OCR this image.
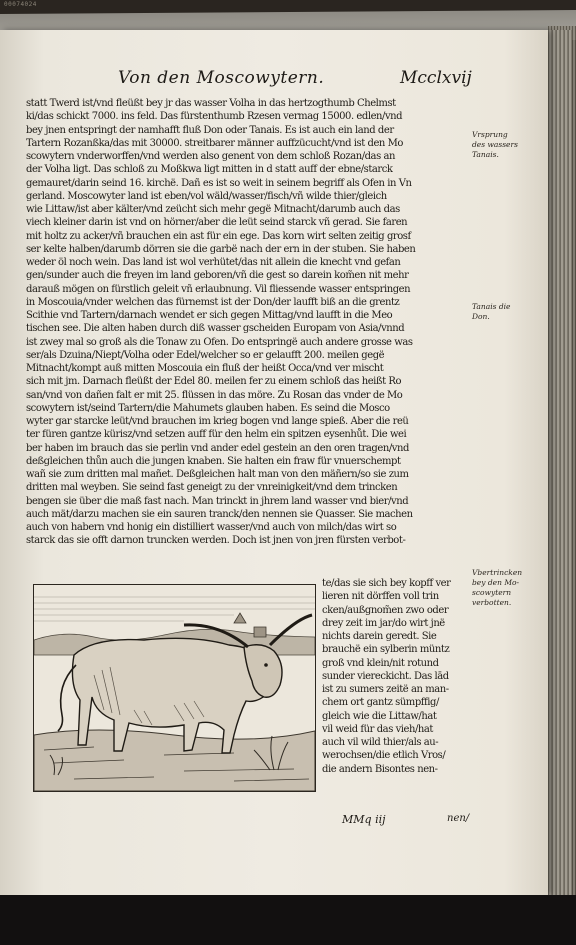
00074024
Von den Moscowytern.	Mcclxvij
statt Twerd ist/vnd fleüßt bey jr das wasser Volha in das hertzogthumb Chelmst
ki/das schickt 7000. ins feld. Das fürstenthumb Rzesen vermag 15000. edlen/vnd
bey jnen entspringt der namhafft fluß Don oder Tanais. Es ist auch ein land der
Tartern Rozanßka/das mit 30000. streitbarer männer auffzücucht/vnd ist den Mo
scowytern vnderworffen/vnd werden also genent von dem schloß Rozan/das an
der Volha ligt. Das schloß zu Moßkwa ligt mitten in d statt auff der ebne/starck
gemauret/darin seind 16. kirchë. Dañ es ist so weit in seinem begriff als Ofen in Vn
gerland. Moscowyter land ist eben/vol wäld/wasser/fisch/vñ wilde thier/gleich
wie Littaw/ist aber kälter/vnd zeücht sich mehr gegë Mitnacht/darumb auch das
viech kleiner darin ist vnd on hörner/aber die leüt seind starck vñ gerad. Sie faren
mit holtz zu acker/vñ brauchen ein ast für ein ege. Das korn wirt selten zeitig grosf
ser kelte halben/darumb dörren sie die garbë nach der ern in der stuben. Sie haben
weder öl noch wein. Das land ist wol verhütet/das nit allein die knecht vnd gefan
gen/sunder auch die freyen im land geboren/vñ die gest so darein kom̃en nit mehr
darauß mögen on fürstlich geleit vñ erlaubnung. Vil fliessende wasser entspringen
in Moscouia/vnder welchen das fürnemst ist der Don/der laufft biß an die grentz
Scithie vnd Tartern/darnach wendet er sich gegen Mittag/vnd laufft in die Meo
tischen see. Die alten haben durch diß wasser gscheiden Europam von Asia/vnnd
ist zwey mal so groß als die Tonaw zu Ofen. Do entspringë auch andere grosse was
ser/als Dzuina/Niept/Volha oder Edel/welcher so er gelaufft 200. meilen gegë
Mitnacht/kompt auß mitten Moscouia ein fluß der heißt Occa/vnd ver mischt
sich mit jm. Darnach fleüßt der Edel 80. meilen fer zu einem schloß das heißt Ro
san/vnd von dañen falt er mit 25. flüssen in das möre. Zu Rosan das vnder de Mo
scowytern ist/seind Tartern/die Mahumets glauben haben. Es seind die Mosco
wyter gar starcke leüt/vnd brauchen im krieg bogen vnd lange spieß. Aber die reü
ter füren gantze kürisz/vnd setzen auff für den helm ein spitzen eysenhůt. Die wei
ber haben im brauch das sie perlin vnd ander edel gestein an den oren tragen/vnd
deßgleichen thůn auch die jungen knaben. Sie halten ein fraw für vnuerschempt
wañ sie zum dritten mal mañet. Deßgleichen halt man von den mäñern/so sie zum
dritten mal weyben. Sie seind fast geneigt zu der vnreinigkeit/vnd dem trincken
bengen sie über die maß fast nach. Man trinckt in jhrem land wasser vnd bier/vnd
auch mät/darzu machen sie ein sauren tranck/den nennen sie Quasser. Sie machen
auch von habern vnd honig ein distilliert wasser/vnd auch von milch/das wirt so
starck das sie offt darnon truncken werden. Doch ist jnen von jren fürsten verbot-
te/das sie sich bey kopff ver
lieren nit dörffen voll trin
cken/außgnom̃en zwo oder
drey zeit im jar/do wirt jnë
nichts darein geredt. Sie
brauchë ein sylberin müntz
groß vnd klein/nit rotund
sunder viereckicht. Das lād
ist zu sumers zeitë an man-
chem ort gantz sümpffig/
gleich wie die Littaw/hat
vil weid für das vieh/hat
auch vil wild thier/als au-
werochsen/die etlich Vros/
die andern Bisontes nen-
Vrsprung
des wassers
Tanais.
Tanais die
Don.
Vbertrincken
bey den Mo-
scowytern
verbotten.
MMq iij	nen/
